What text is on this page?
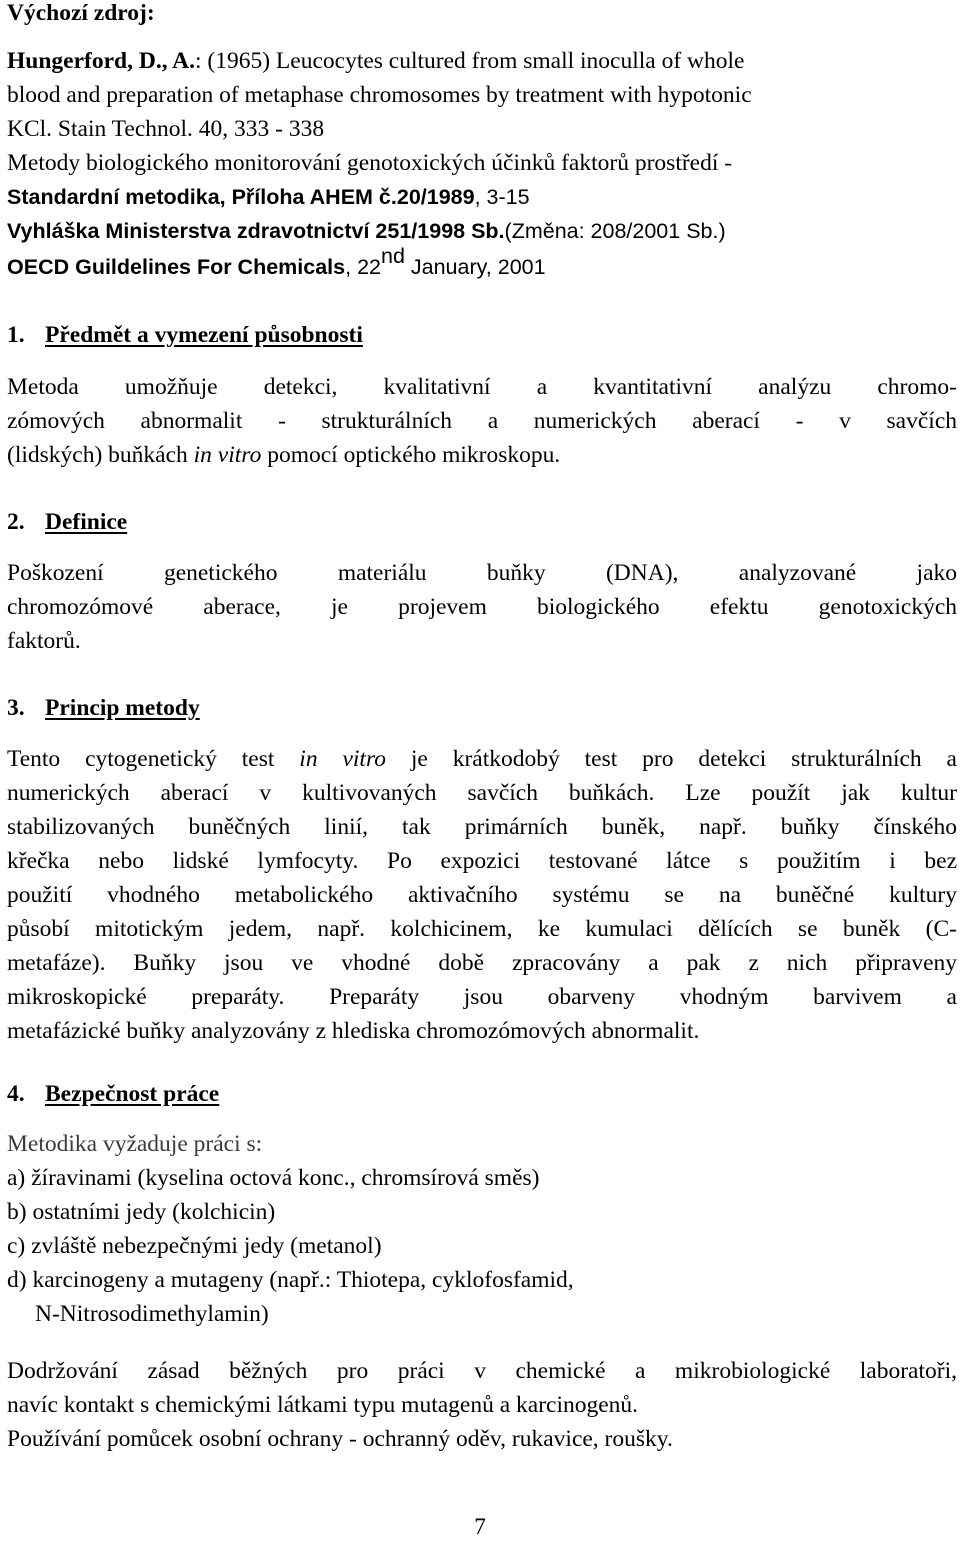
Výchozí zdroj:
Hungerford, D., A.: (1965) Leucocytes cultured from small inoculla of whole
blood and preparation of metaphase chromosomes by treatment with hypotonic
KCl. Stain Technol. 40, 333 - 338
Metody biologického monitorování genotoxických účinků faktorů prostředí -
Standardní metodika, Příloha AHEM č.20/1989, 3-15
Vyhláška Ministerstva zdravotnictví 251/1998 Sb.(Změna: 208/2001 Sb.)
OECD Guildelines For Chemicals, 22nd January, 2001
1. Předmět a vymezení působnosti
Metoda umožňuje detekci, kvalitativní a kvantitativní analýzu chromo-
zómových abnormalit - strukturálních a numerických aberací - v savčích
(lidských) buňkách in vitro pomocí optického mikroskopu.
2. Definice
Poškození genetického materiálu buňky (DNA), analyzované jako
chromozómové aberace, je projevem biologického efektu genotoxických
faktorů.
3. Princip metody
Tento cytogenetický test in vitro je krátkodobý test pro detekci strukturálních a
numerických aberací v kultivovaných savčích buňkách. Lze použít jak kultur
stabilizovaných buněčných linií, tak primárních buněk, např. buňky čínského
křečka nebo lidské lymfocyty. Po expozici testované látce s použitím i bez
použití vhodného metabolického aktivačního systému se na buněčné kultury
působí mitotickým jedem, např. kolchicinem, ke kumulaci dělících se buněk (C-
metafáze). Buňky jsou ve vhodné době zpracovány a pak z nich připraveny
mikroskopické preparáty. Preparáty jsou obarveny vhodným barvivem a
metafázické buňky analyzovány z hlediska chromozómových abnormalit.
4. Bezpečnost práce
Metodika vyžaduje práci s:
a) žíravinami (kyselina octová konc., chromsírová směs)
b) ostatními jedy (kolchicin)
c) zvláště nebezpečnými jedy (metanol)
d) karcinogeny a mutageny (např.: Thiotepa, cyklofosfamid,
N-Nitrosodimethylamin)
Dodržování zásad běžných pro práci v chemické a mikrobiologické laboratoři,
navíc kontakt s chemickými látkami typu mutagenů a karcinogenů.
Používání pomůcek osobní ochrany - ochranný oděv, rukavice, roušky.
7
